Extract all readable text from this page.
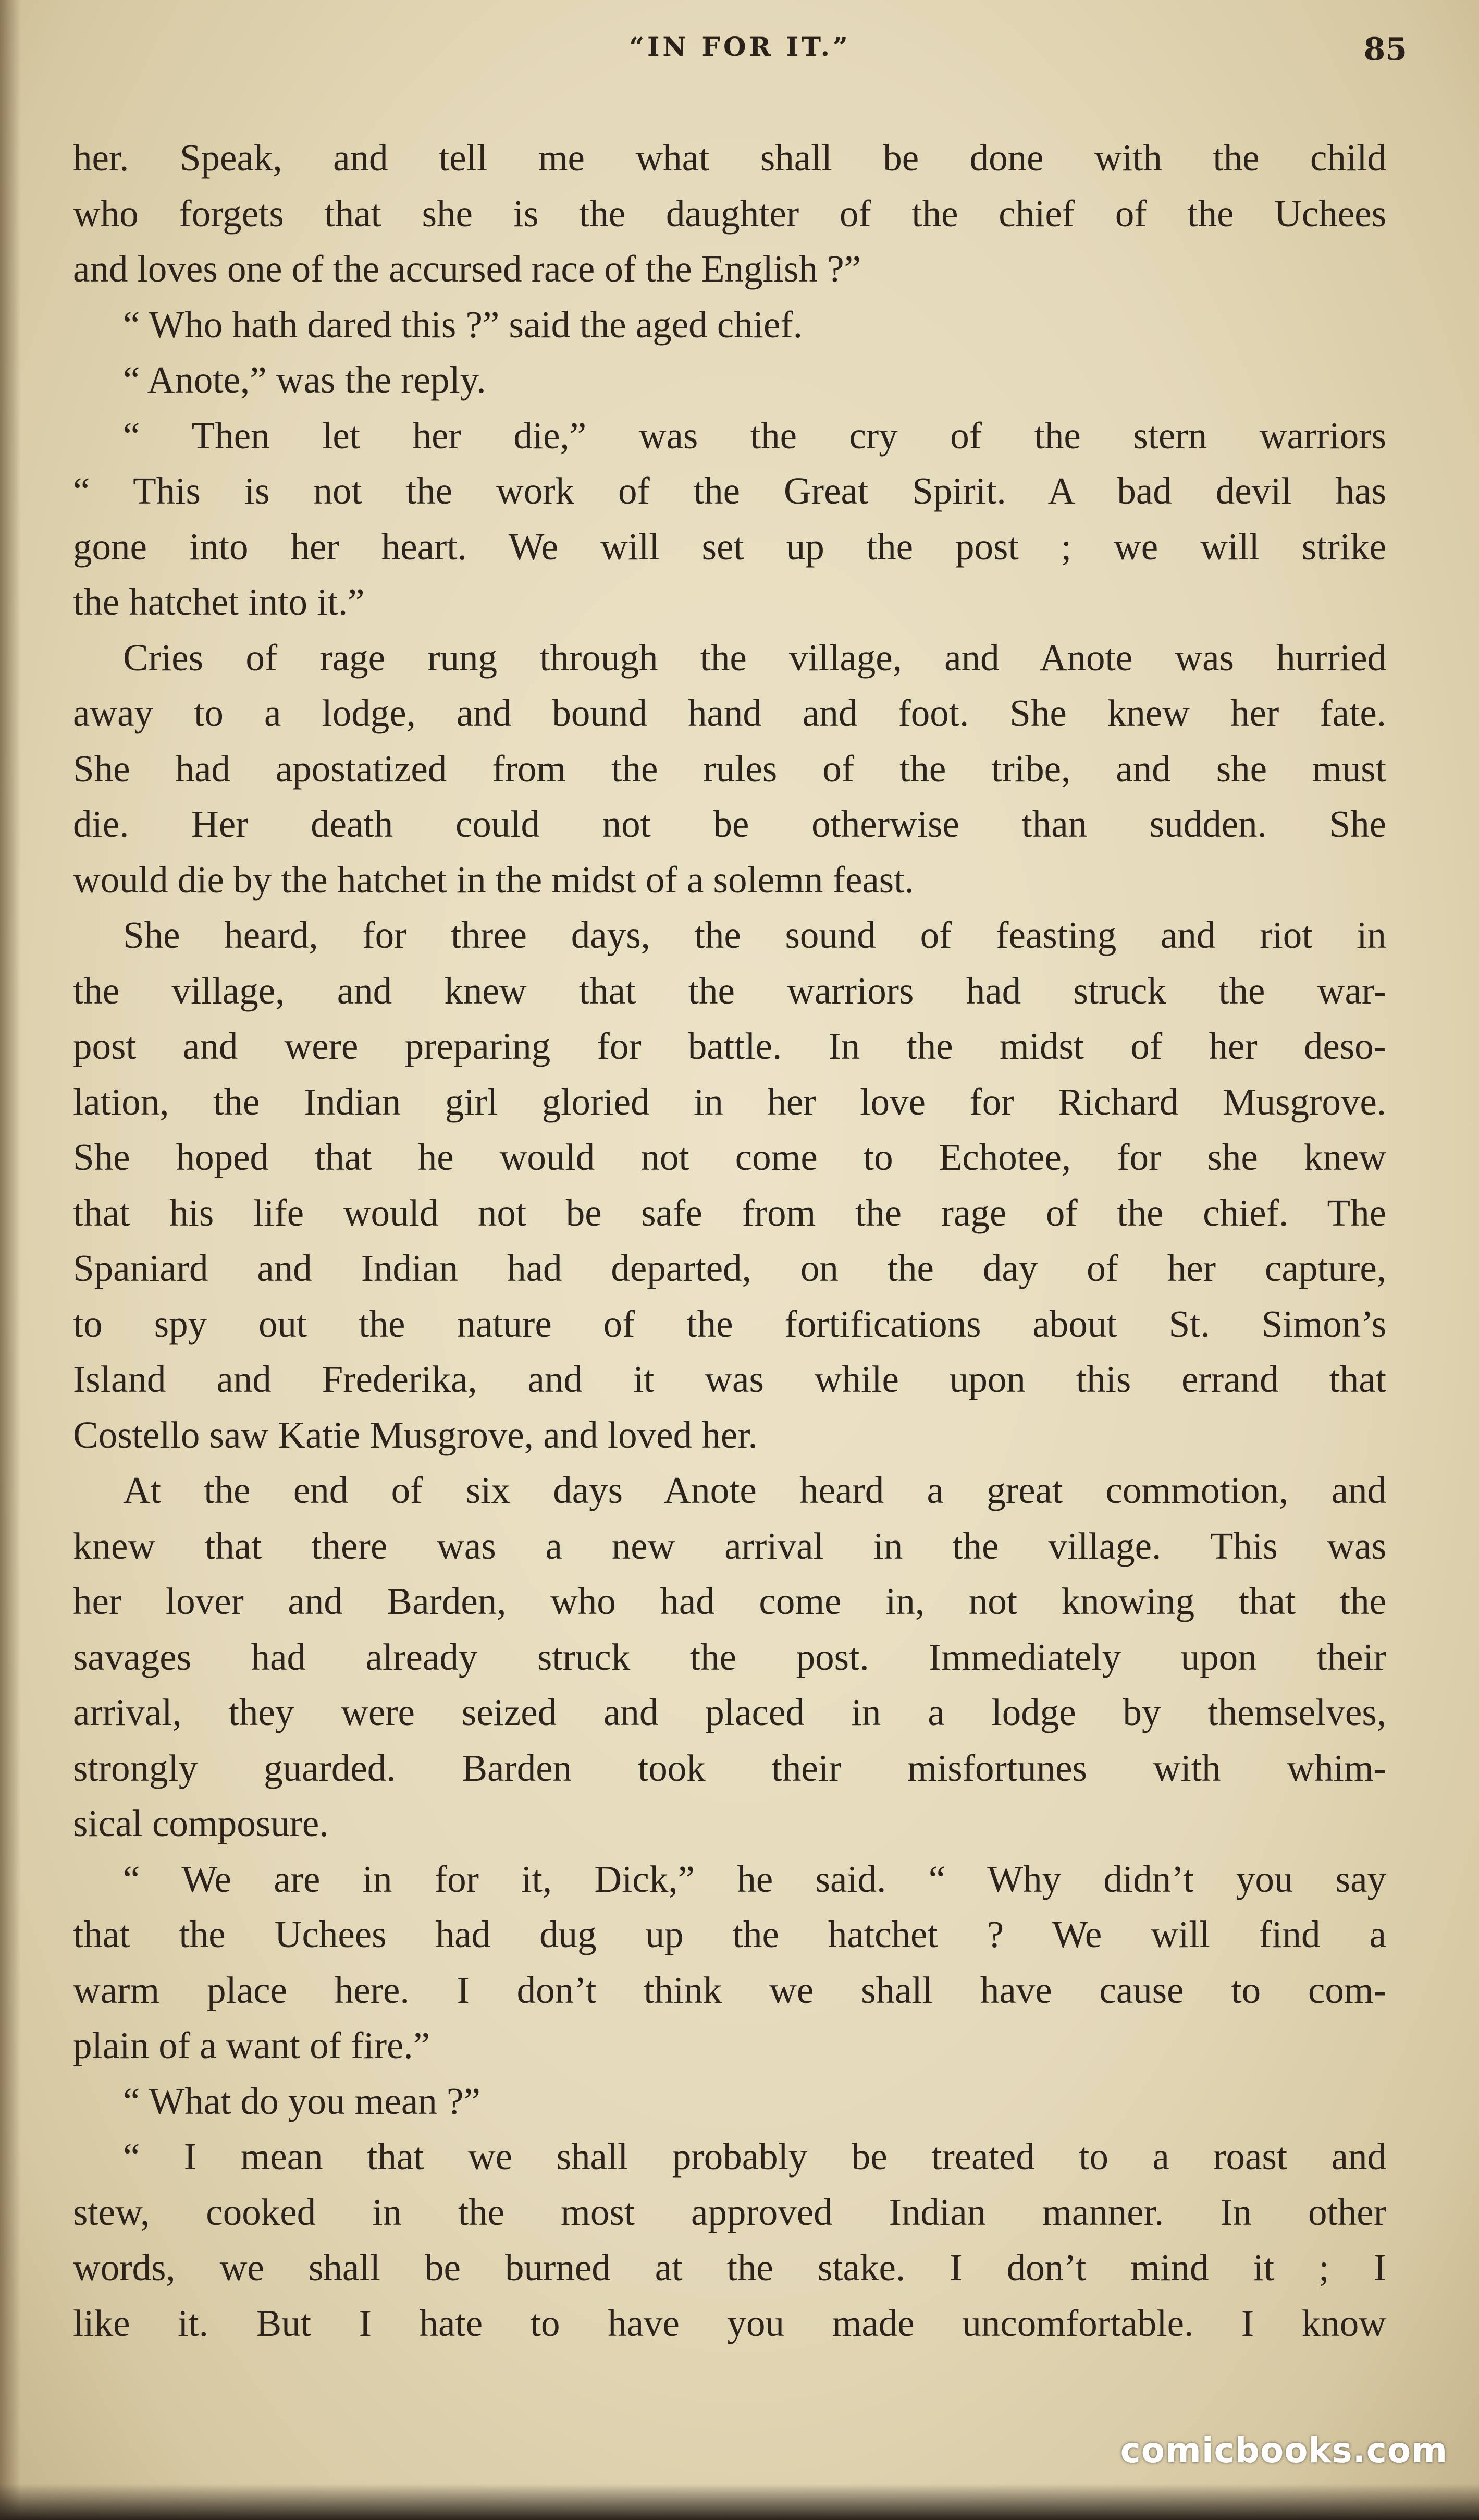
“IN FOR IT.”	85
her. Speak, and tell me what shall be done with the child
who forgets that she is the daughter of the chief of the Uchees
and loves one of the accursed race of the English ?”
“ Who hath dared this ?” said the aged chief.
“ Anote,” was the reply.
“ Then let her die,” was the cry of the stern warriors
“ This is not the work of the Great Spirit. A bad devil has
gone into her heart. We will set up the post ; we will strike
the hatchet into it.”
Cries of rage rung through the village, and Anote was hurried
away to a lodge, and bound hand and foot. She knew her fate.
She had apostatized from the rules of the tribe, and she must
die. Her death could not be otherwise than sudden. She
would die by the hatchet in the midst of a solemn feast.
She heard, for three days, the sound of feasting and riot in
the village, and knew that the warriors had struck the war-
post and were preparing for battle. In the midst of her deso-
lation, the Indian girl gloried in her love for Richard Musgrove.
She hoped that he would not come to Echotee, for she knew
that his life would not be safe from the rage of the chief. The
Spaniard and Indian had departed, on the day of her capture,
to spy out the nature of the fortifications about St. Simon’s
Island and Frederika, and it was while upon this errand that
Costello saw Katie Musgrove, and loved her.
At the end of six days Anote heard a great commotion, and
knew that there was a new arrival in the village. This was
her lover and Barden, who had come in, not knowing that the
savages had already struck the post. Immediately upon their
arrival, they were seized and placed in a lodge by themselves,
strongly guarded. Barden took their misfortunes with whim-
sical composure.
“ We are in for it, Dick,” he said. “ Why didn’t you say
that the Uchees had dug up the hatchet ? We will find a
warm place here. I don’t think we shall have cause to com-
plain of a want of fire.”
“ What do you mean ?”
“ I mean that we shall probably be treated to a roast and
stew, cooked in the most approved Indian manner. In other
words, we shall be burned at the stake. I don’t mind it ; I
like it. But I hate to have you made uncomfortable. I know
comicbooks.com
